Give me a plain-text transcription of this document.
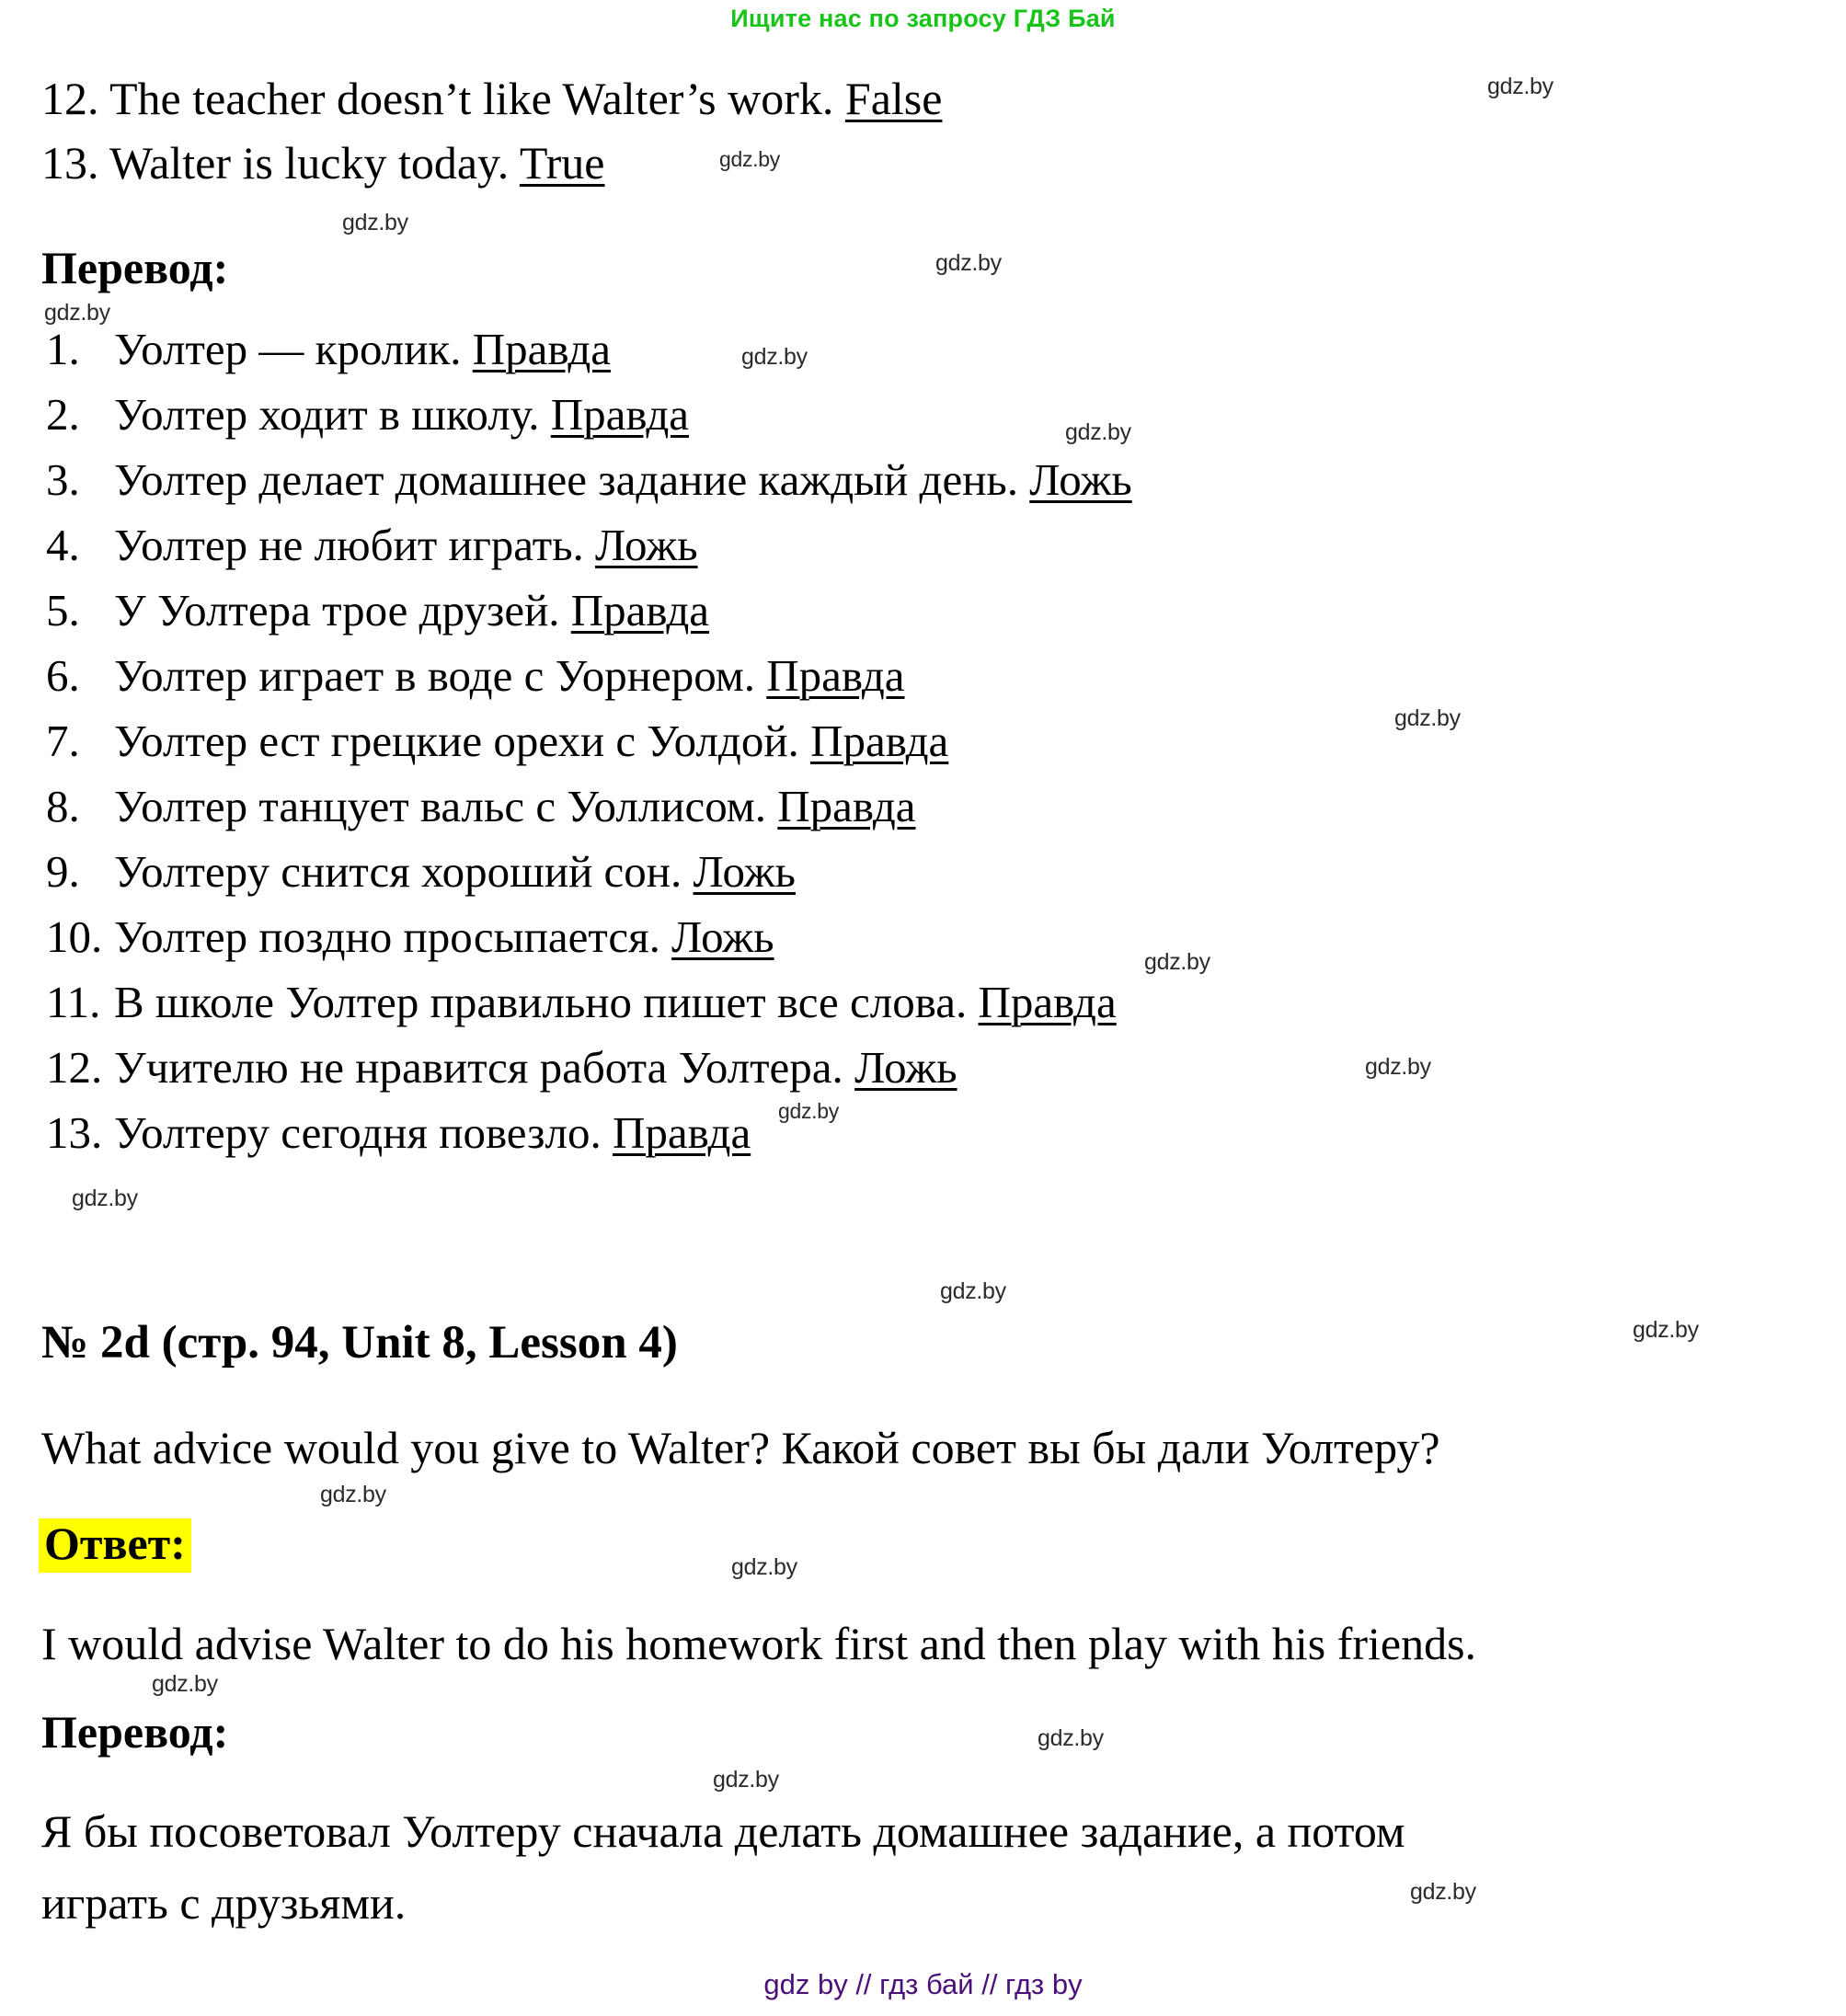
Ищите нас по запросу ГДЗ Бай
gdz.by
gdz.by
gdz.by
gdz.by
gdz.by
gdz.by
gdz.by
gdz.by
gdz.by
gdz.by
gdz.by
gdz.by
gdz.by
gdz.by
gdz.by
gdz.by
gdz.by
gdz.by
gdz.by
gdz.by
12. The teacher doesn’t like Walter’s work. False
13. Walter is lucky today. True
Перевод:
1. Уолтер — кролик. Правда
2. Уолтер ходит в школу. Правда
3. Уолтер делает домашнее задание каждый день. Ложь
4. Уолтер не любит играть. Ложь
5. У Уолтера трое друзей. Правда
6. Уолтер играет в воде с Уорнером. Правда
7. Уолтер ест грецкие орехи с Уолдой. Правда
8. Уолтер танцует вальс с Уоллисом. Правда
9. Уолтеру снится хороший сон. Ложь
10. Уолтер поздно просыпается. Ложь
11. В школе Уолтер правильно пишет все слова. Правда
12. Учителю не нравится работа Уолтера. Ложь
13. Уолтеру сегодня повезло. Правда
№ 2d (стр. 94, Unit 8, Lesson 4)
What advice would you give to Walter? Какой совет вы бы дали Уолтеру?
Ответ:
I would advise Walter to do his homework first and then play with his friends.
Перевод:
Я бы посоветовал Уолтеру сначала делать домашнее задание, а потом
играть с друзьями.
gdz by // гдз бай // гдз by
